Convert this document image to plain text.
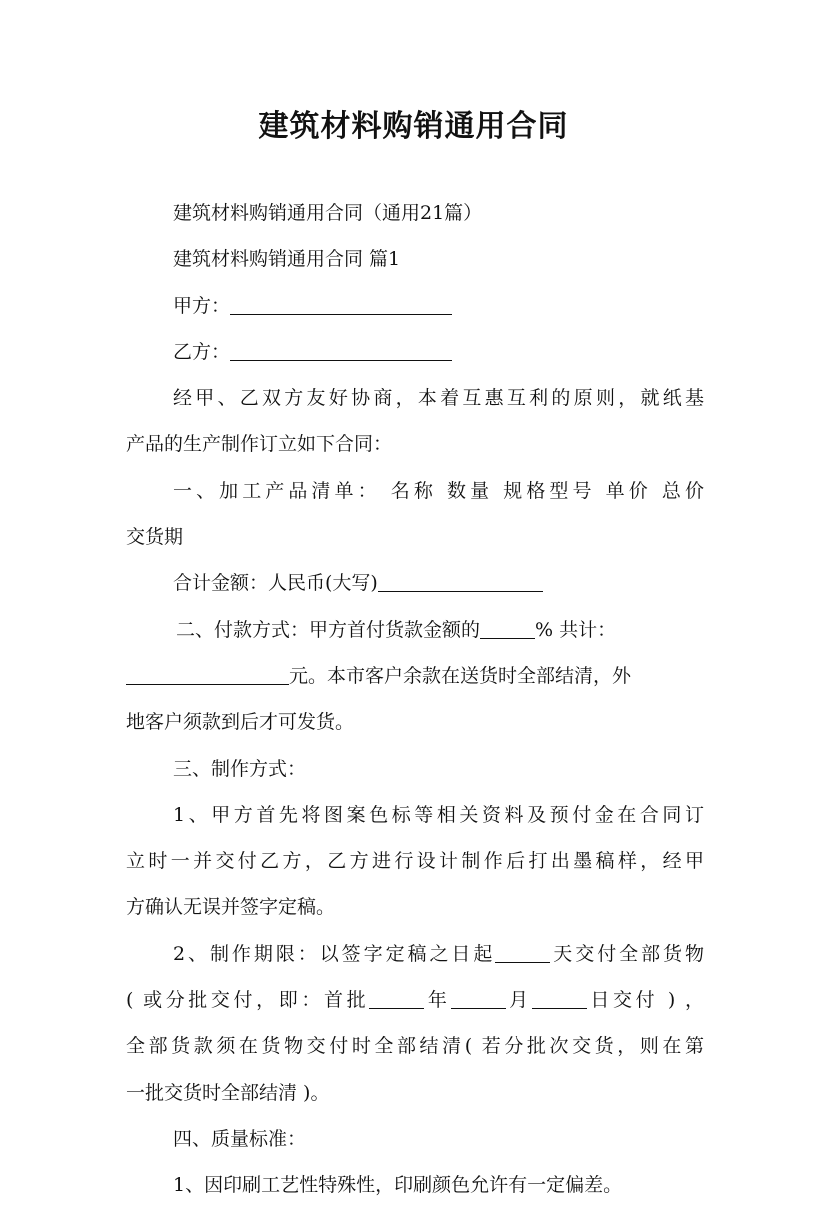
建筑材料购销通用合同
建筑材料购销通用合同（通用21篇）
建筑材料购销通用合同 篇1
甲方：
乙方：
经甲、乙双方友好协商，本着互惠互利的原则，就纸基
产品的生产制作订立如下合同：
一、加工产品清单： 名称 数量 规格型号 单价 总价
交货期
合计金额：人民币(大写)
二、付款方式：甲方首付货款金额的	% 共计：
元。本市客户余款在送货时全部结清，外
地客户须款到后才可发货。
三、制作方式：
1、甲方首先将图案色标等相关资料及预付金在合同订
立时一并交付乙方，乙方进行设计制作后打出墨稿样，经甲
方确认无误并签字定稿。
2、制作期限：以签字定稿之日起	天交付全部货物
( 或分批交付，即：首批	年	月	日交付 ) ，
全部货款须在货物交付时全部结清( 若分批次交货，则在第
一批交货时全部结清 )。
四、质量标准：
1、因印刷工艺性特殊性，印刷颜色允许有一定偏差。
